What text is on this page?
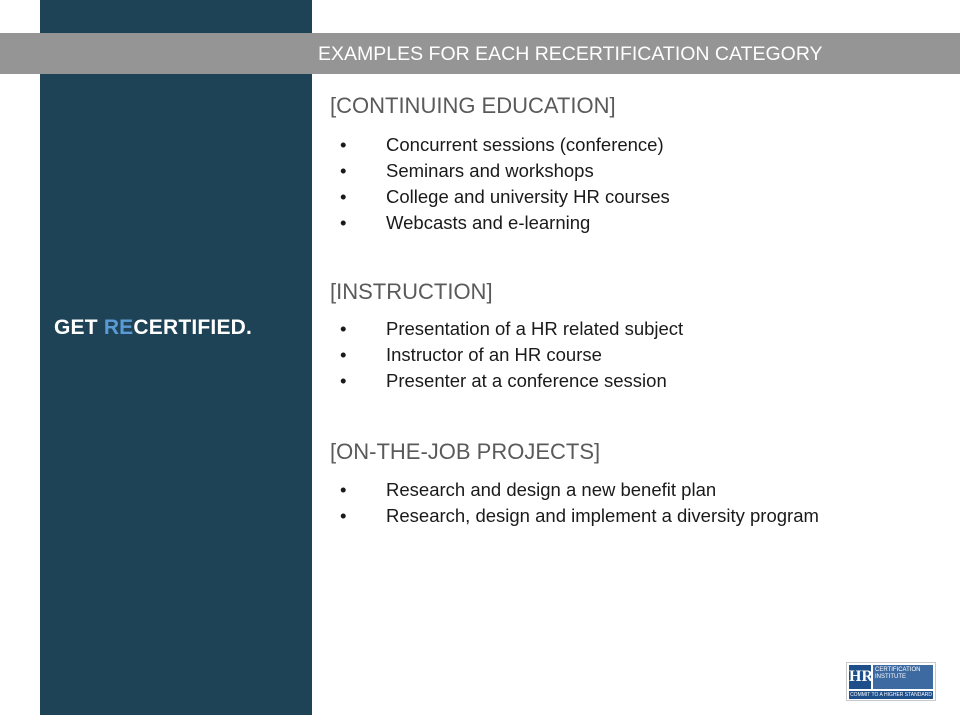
GET RECERTIFIED.
EXAMPLES FOR EACH RECERTIFICATION CATEGORY
[CONTINUING EDUCATION]
• Concurrent sessions (conference)
• Seminars and workshops
• College and university HR courses
• Webcasts and e-learning
[INSTRUCTION]
• Presentation of a HR related subject
• Instructor of an HR course
• Presenter at a conference session
[ON-THE-JOB PROJECTS]
• Research and design a new benefit plan
• Research, design and implement a diversity program
HR CERTIFICATION
INSTITUTE
COMMIT TO A HIGHER STANDARD
